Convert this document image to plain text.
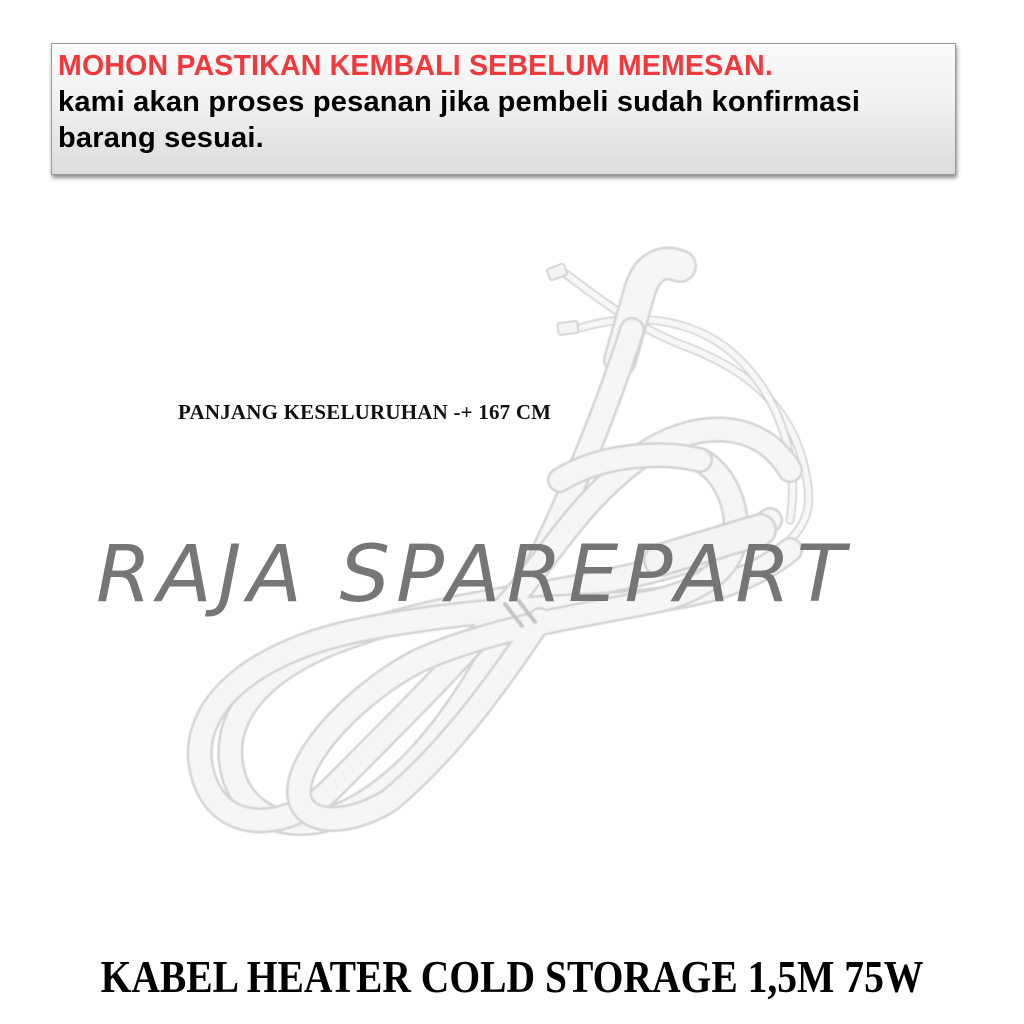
MOHON PASTIKAN KEMBALI SEBELUM MEMESAN.
kami akan proses pesanan jika pembeli sudah konfirmasi
barang sesuai.
PANJANG KESELURUHAN -+ 167 CM
RAJA SPAREPART
KABEL HEATER COLD STORAGE 1,5M 75W
